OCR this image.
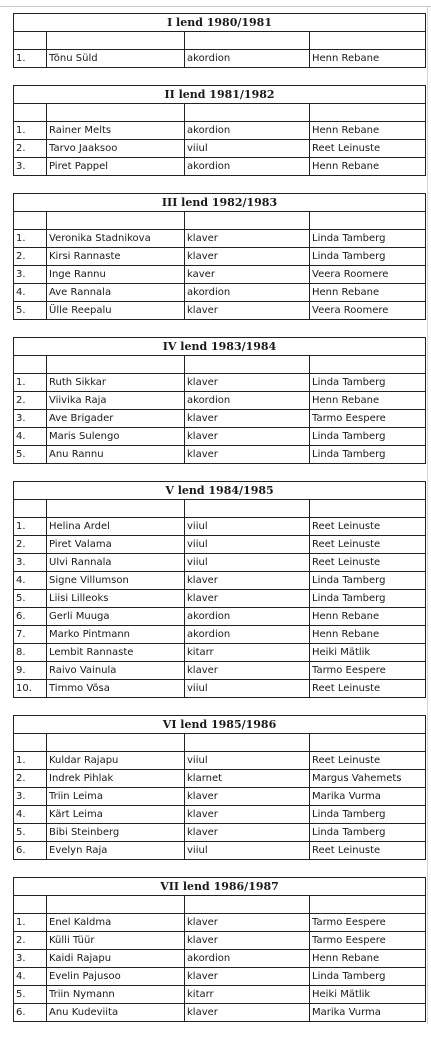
I lend 1980/1981			

1.	Tõnu Süld	akordion	Henn Rebane
II lend 1981/1982			

1.	Rainer Melts	akordion	Henn Rebane
2.	Tarvo Jaaksoo	viiul	Reet Leinuste
3.	Piret Pappel	akordion	Henn Rebane
III lend 1982/1983			

1.	Veronika Stadnikova	klaver	Linda Tamberg
2.	Kirsi Rannaste	klaver	Linda Tamberg
3.	Inge Rannu	kaver	Veera Roomere
4.	Ave Rannala	akordion	Henn Rebane
5.	Ülle Reepalu	klaver	Veera Roomere
IV lend 1983/1984			

1.	Ruth Sikkar	klaver	Linda Tamberg
2.	Viivika Raja	akordion	Henn Rebane
3.	Ave Brigader	klaver	Tarmo Eespere
4.	Maris Sulengo	klaver	Linda Tamberg
5.	Anu Rannu	klaver	Linda Tamberg
V lend 1984/1985			

1.	Helina Ardel	viiul	Reet Leinuste
2.	Piret Valama	viiul	Reet Leinuste
3.	Ulvi Rannala	viiul	Reet Leinuste
4.	Signe Villumson	klaver	Linda Tamberg
5.	Liisi Lilleoks	klaver	Linda Tamberg
6.	Gerli Muuga	akordion	Henn Rebane
7.	Marko Pintmann	akordion	Henn Rebane
8.	Lembit Rannaste	kitarr	Heiki Mätlik
9.	Raivo Vainula	klaver	Tarmo Eespere
10.	Timmo Võsa	viiul	Reet Leinuste
VI lend 1985/1986			

1.	Kuldar Rajapu	viiul	Reet Leinuste
2.	Indrek Pihlak	klarnet	Margus Vahemets
3.	Triin Leima	klaver	Marika Vurma
4.	Kärt Leima	klaver	Linda Tamberg
5.	Bibi Steinberg	klaver	Linda Tamberg
6.	Evelyn Raja	viiul	Reet Leinuste
VII lend 1986/1987			

1.	Enel Kaldma	klaver	Tarmo Eespere
2.	Külli Tüür	klaver	Tarmo Eespere
3.	Kaidi Rajapu	akordion	Henn Rebane
4.	Evelin Pajusoo	klaver	Linda Tamberg
5.	Triin Nymann	kitarr	Heiki Mätlik
6.	Anu Kudeviita	klaver	Marika Vurma
